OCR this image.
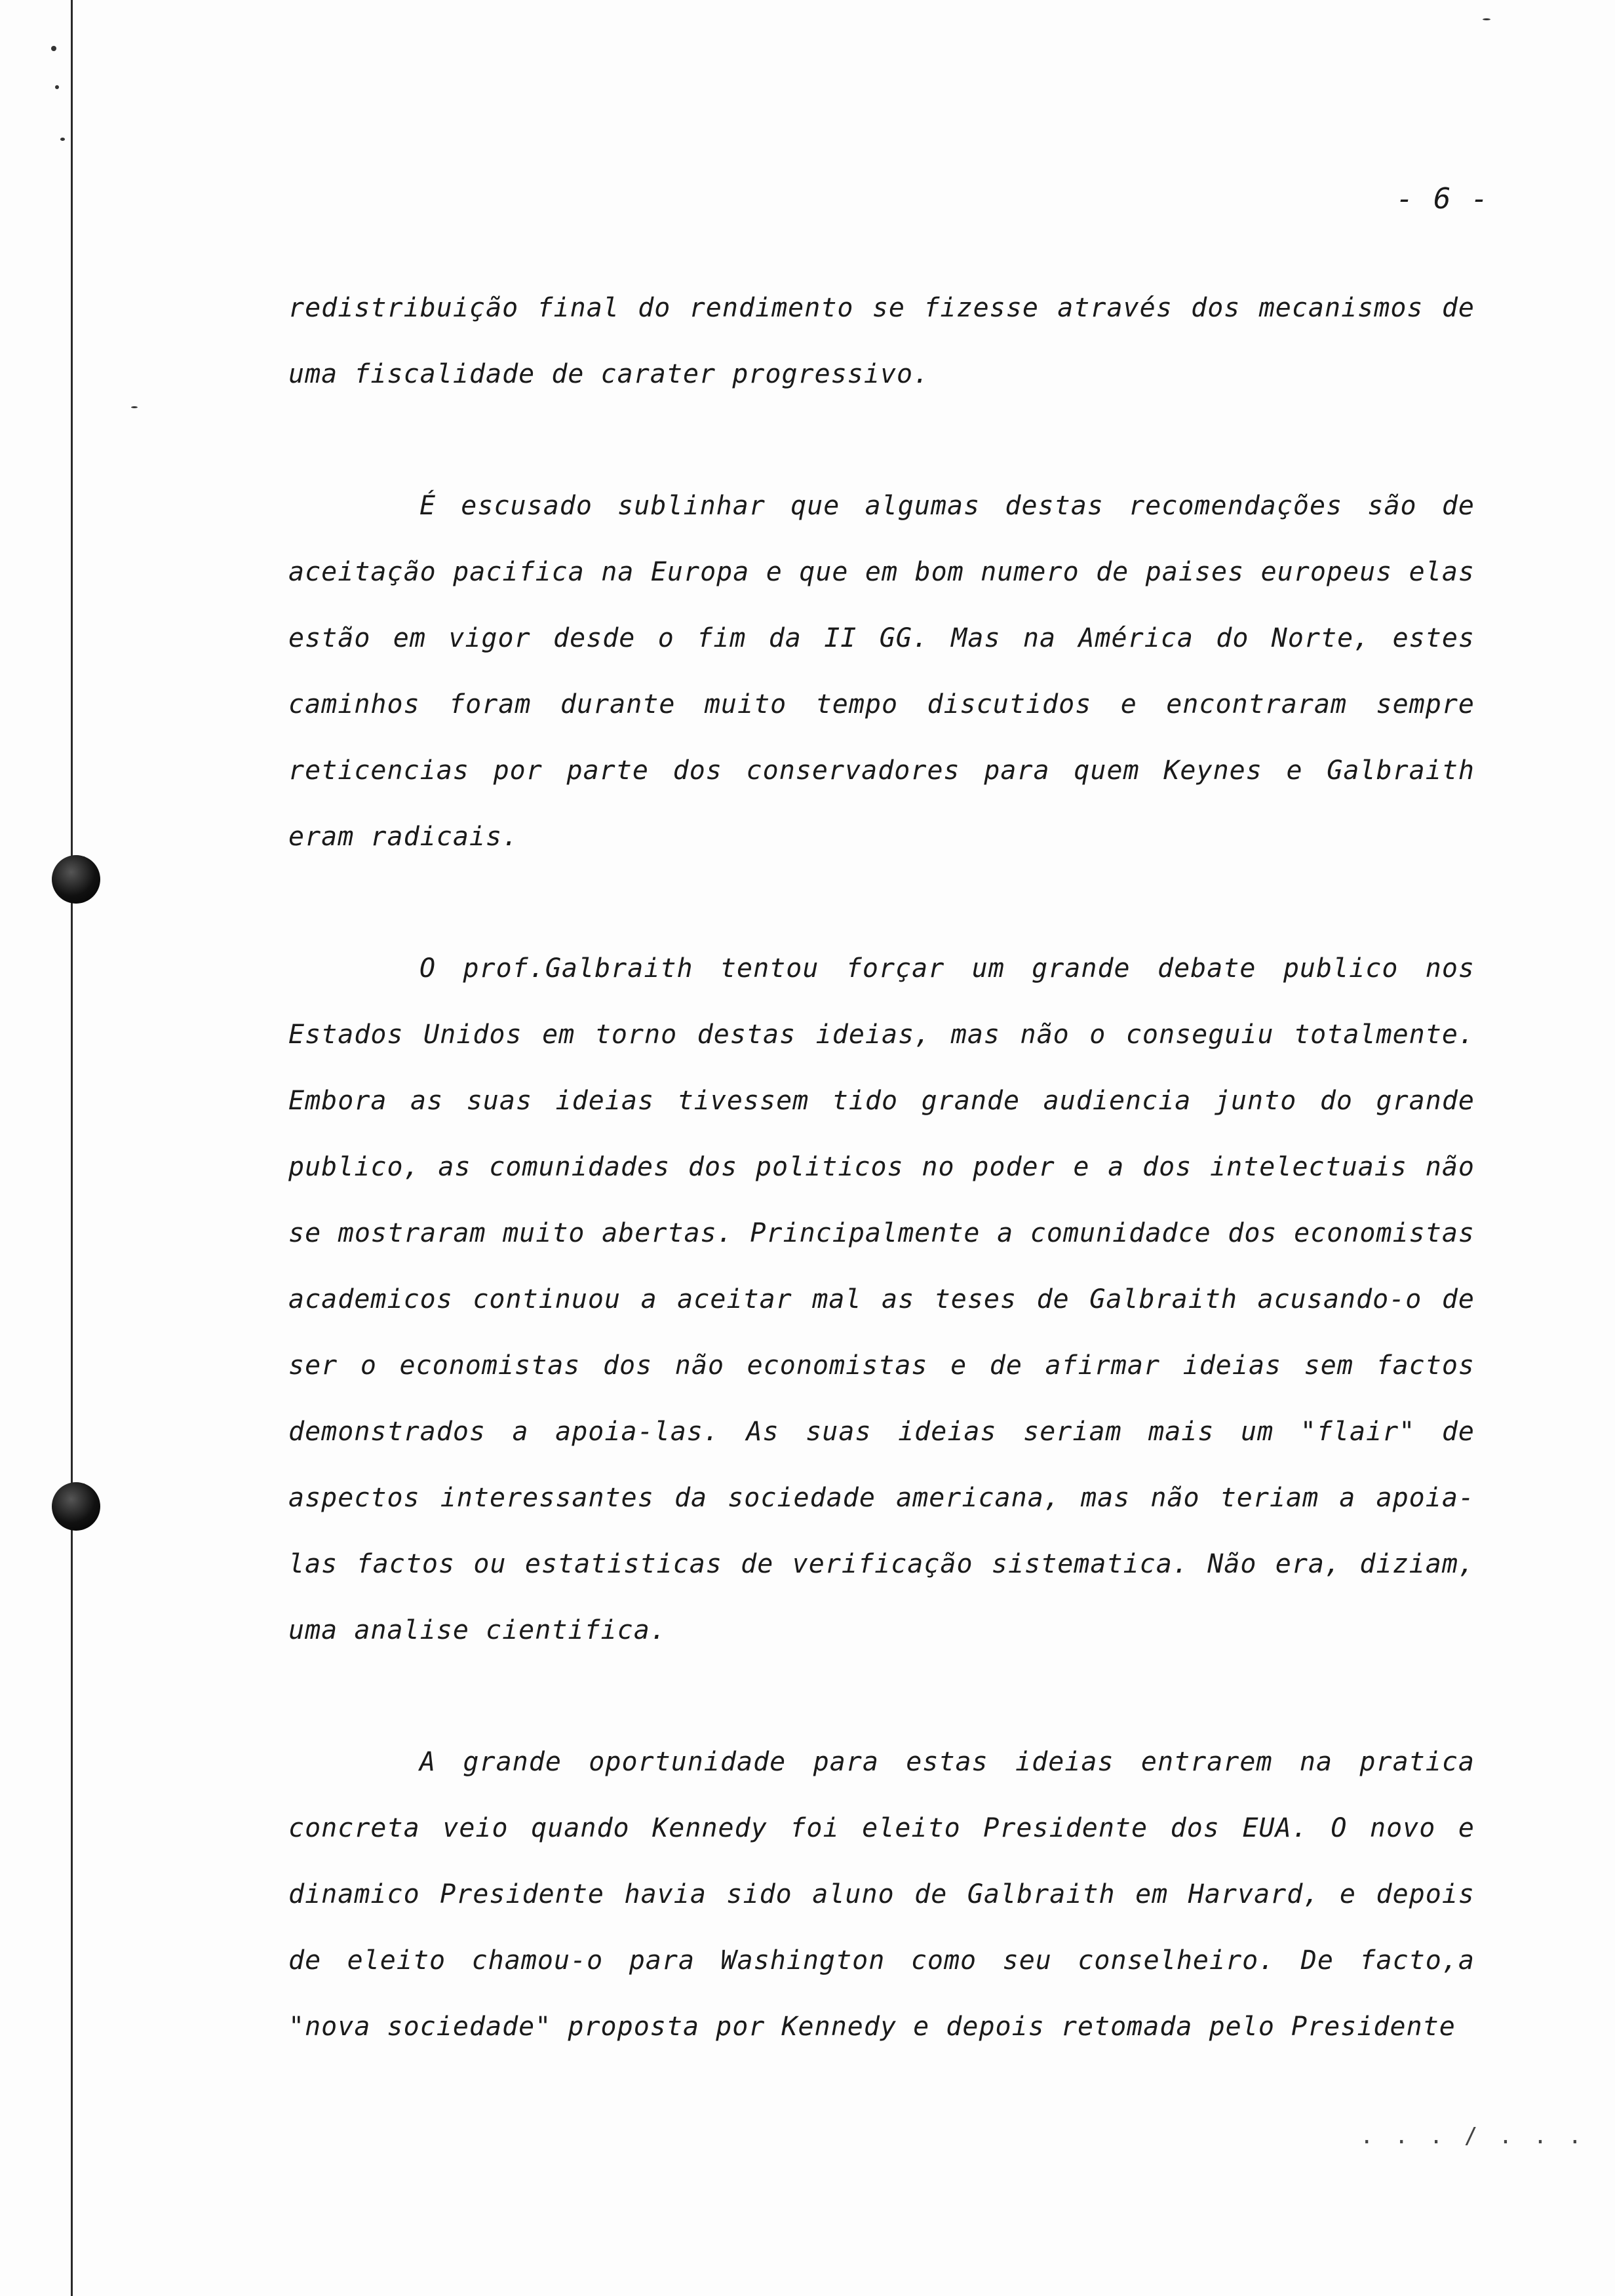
- 6 -

redistribuição final do rendimento se fizesse através dos mecanismos de uma fiscalidade de carater progressivo.

É escusado sublinhar que algumas destas recomendações são de aceitação pacifica na Europa e que em bom numero de paises europeus elas estão em vigor desde o fim da II GG. Mas na América do Norte, estes caminhos foram durante muito tempo discutidos e encontraram sempre reticencias por parte dos conservadores para quem Keynes e Galbraith eram radicais.

O prof.Galbraith tentou forçar um grande debate publico nos Estados Unidos em torno destas ideias, mas não o conseguiu totalmente. Embora as suas ideias tivessem tido grande audiencia junto do grande publico, as comunidades dos politicos no poder e a dos intelectuais não se mostraram muito abertas. Principalmente a comunidadce dos economistas academicos continuou a aceitar mal as teses de Galbraith acusando-o de ser o economistas dos não economistas e de afirmar ideias sem factos demonstrados a apoia-las. As suas ideias seriam mais um "flair" de aspectos interessantes da sociedade americana, mas não teriam a apoia-las factos ou estatisticas de verificação sistematica. Não era, diziam, uma analise cientifica.

A grande oportunidade para estas ideias entrarem na pratica concreta veio quando Kennedy foi eleito Presidente dos EUA. O novo e dinamico Presidente havia sido aluno de Galbraith em Harvard, e depois de eleito chamou-o para Washington como seu conselheiro. De facto,a "nova sociedade" proposta por Kennedy e depois retomada pelo Presidente

. . . / . . .
